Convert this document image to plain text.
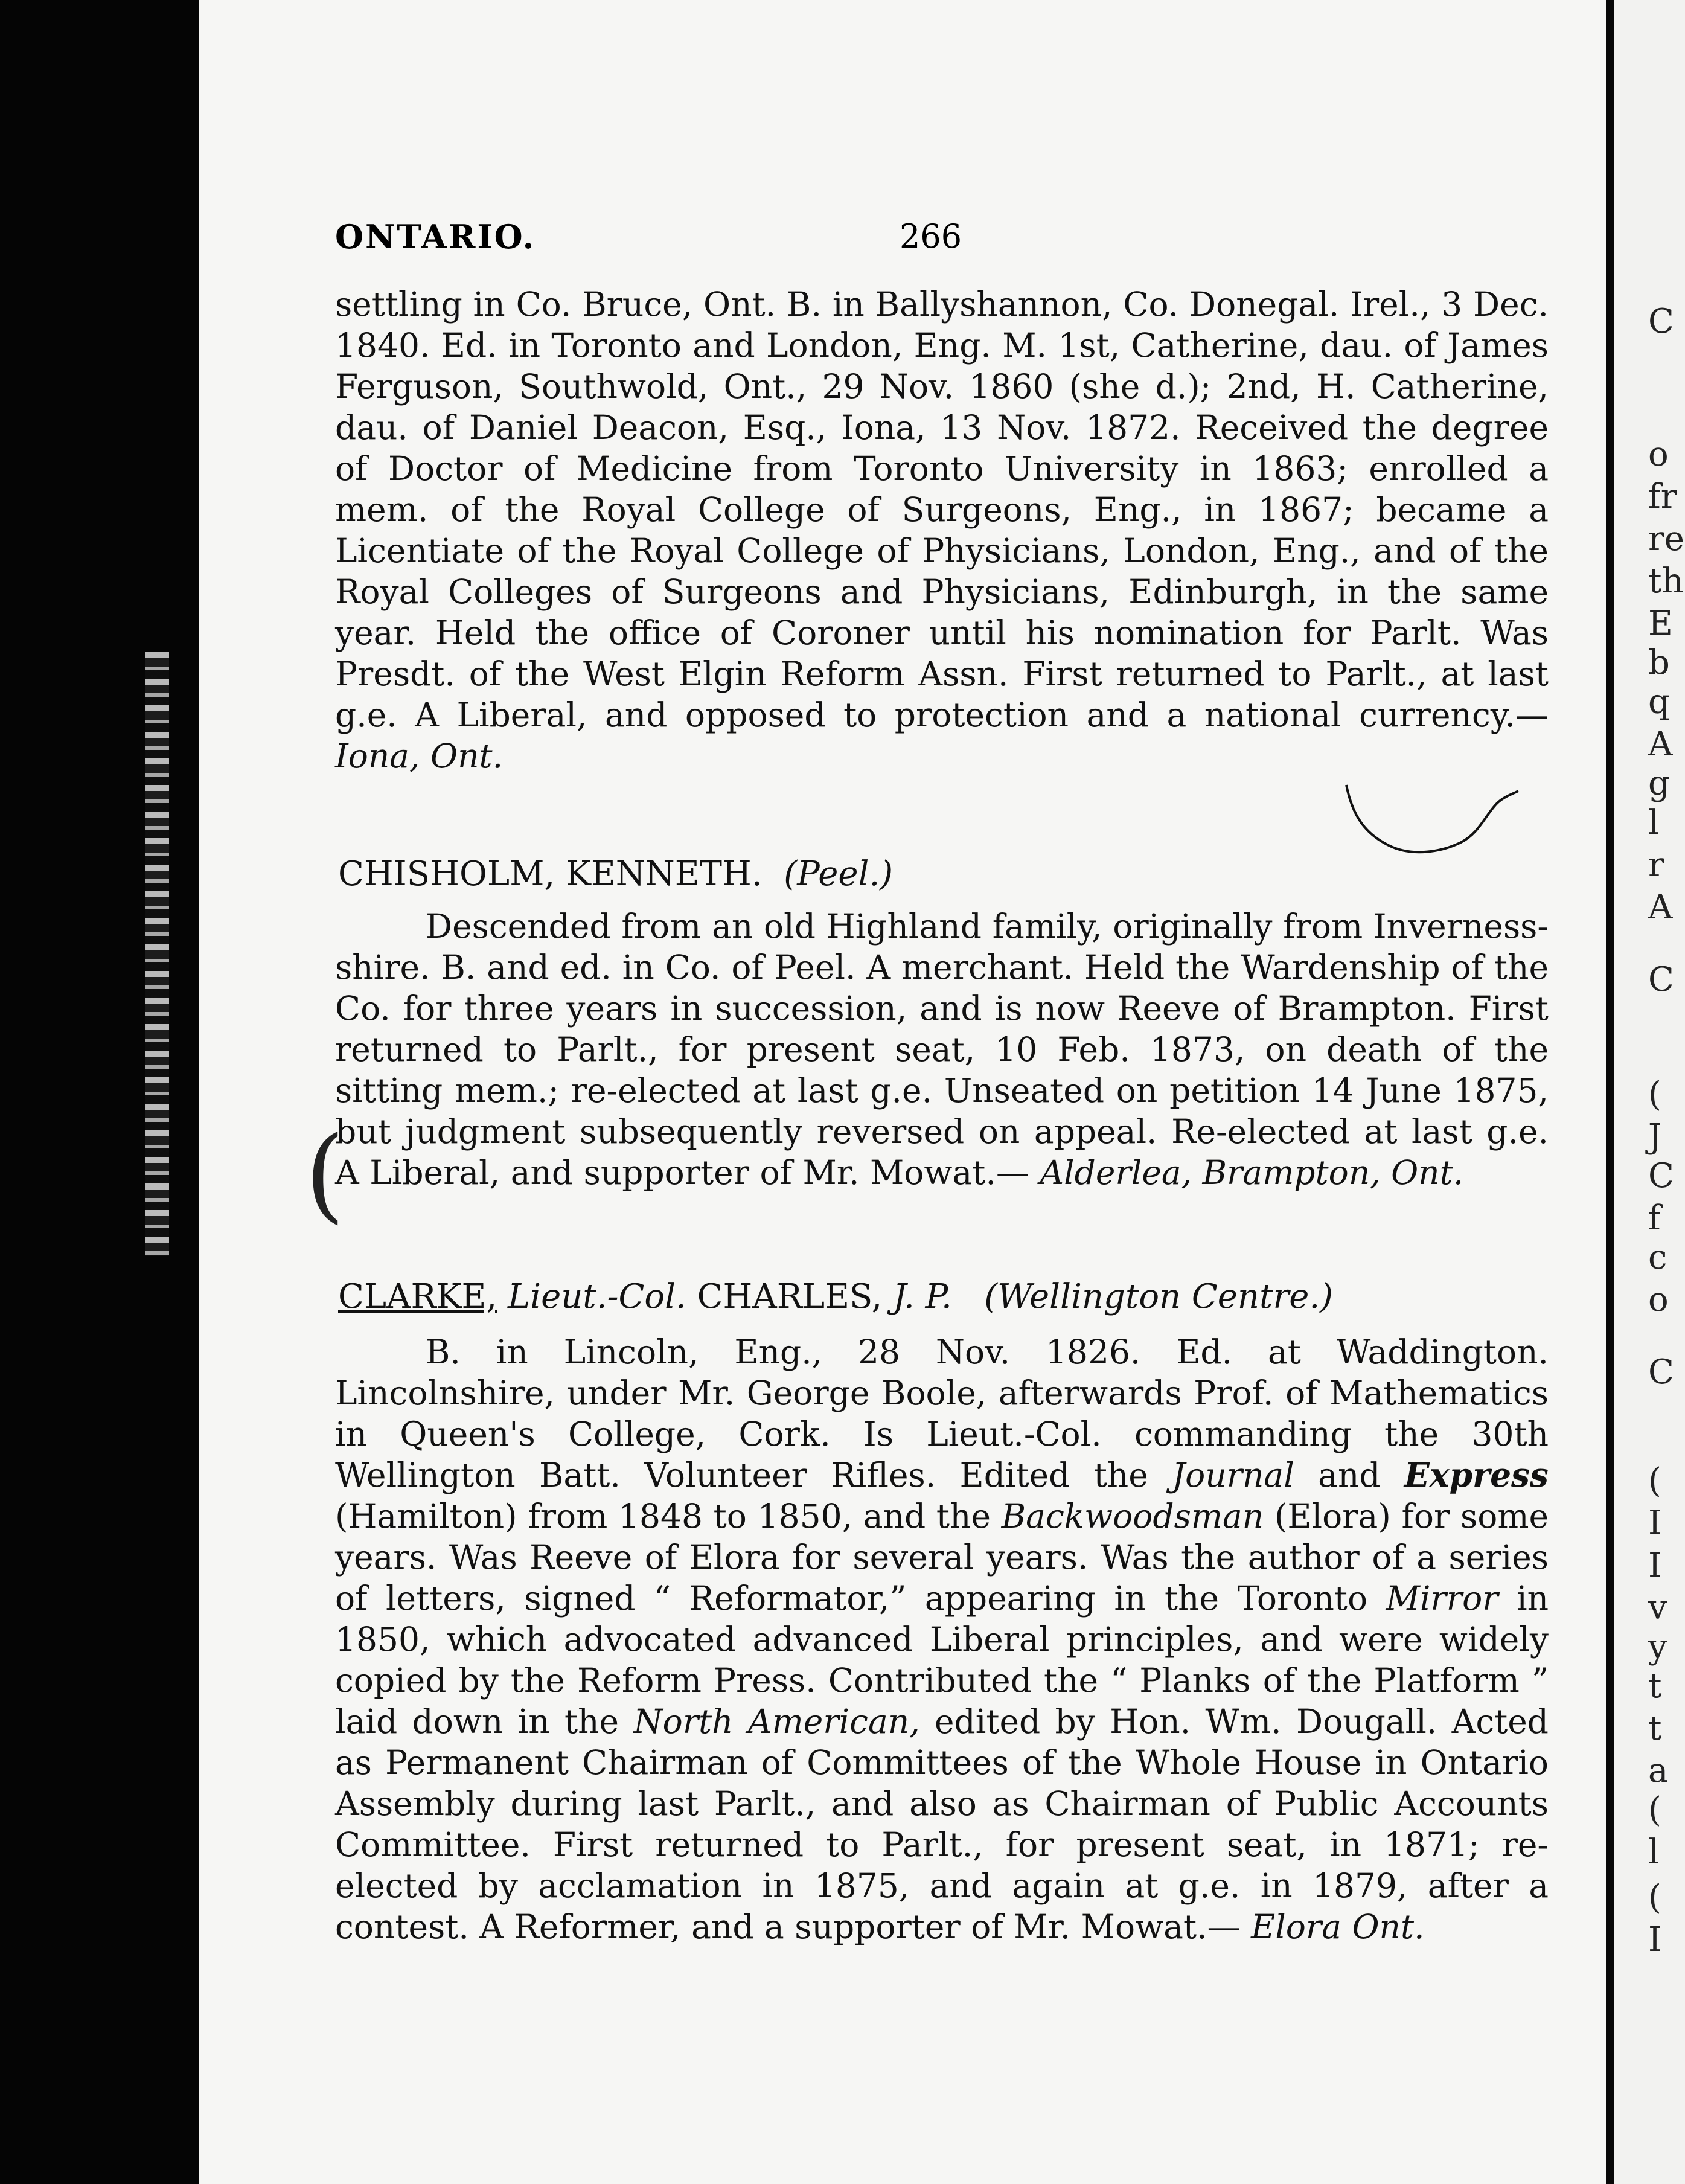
ONTARIO.	266
settling in Co. Bruce, Ont. B. in Ballyshannon, Co. Donegal. Irel., 3 Dec. 1840. Ed. in Toronto and London, Eng. M. 1st, Catherine, dau. of James Ferguson, Southwold, Ont., 29 Nov. 1860 (she d.); 2nd, H. Catherine, dau. of Daniel Deacon, Esq., Iona, 13 Nov. 1872. Received the degree of Doctor of Medicine from Toronto University in 1863; enrolled a mem. of the Royal College of Surgeons, Eng., in 1867; became a Licentiate of the Royal College of Physicians, London, Eng., and of the Royal Colleges of Surgeons and Physicians, Edinburgh, in the same year. Held the office of Coroner until his nomination for Parlt. Was Presdt. of the West Elgin Reform Assn. First returned to Parlt., at last g.e. A Liberal, and opposed to protection and a national currency.— Iona, Ont.
CHISHOLM, KENNETH. (Peel.)
Descended from an old Highland family, originally from Inverness-shire. B. and ed. in Co. of Peel. A merchant. Held the Wardenship of the Co. for three years in succession, and is now Reeve of Brampton. First returned to Parlt., for present seat, 10 Feb. 1873, on death of the sitting mem.; re-elected at last g.e. Unseated on petition 14 June 1875, but judgment subsequently reversed on appeal. Re-elected at last g.e. A Liberal, and supporter of Mr. Mowat.— Alderlea, Brampton, Ont.
(
CLARKE, Lieut.-Col. CHARLES, J. P. (Wellington Centre.)
B. in Lincoln, Eng., 28 Nov. 1826. Ed. at Waddington. Lincolnshire, under Mr. George Boole, afterwards Prof. of Mathematics in Queen's College, Cork. Is Lieut.-Col. commanding the 30th Wellington Batt. Volunteer Rifles. Edited the Journal and Express (Hamilton) from 1848 to 1850, and the Backwoodsman (Elora) for some years. Was Reeve of Elora for several years. Was the author of a series of letters, signed “ Reformator,” appearing in the Toronto Mirror in 1850, which advocated advanced Liberal principles, and were widely copied by the Reform Press. Contributed the “ Planks of the Platform ” laid down in the North American, edited by Hon. Wm. Dougall. Acted as Permanent Chairman of Committees of the Whole House in Ontario Assembly during last Parlt., and also as Chairman of Public Accounts Committee. First returned to Parlt., for present seat, in 1871; re-elected by acclamation in 1875, and again at g.e. in 1879, after a contest. A Reformer, and a supporter of Mr. Mowat.— Elora Ont.
C
o
fr
re
th
E
b
q
A
g
l
r
A
C
(
J
C
f
c
o
C
(
I
I
v
y
t
t
a
(
l
(
I
